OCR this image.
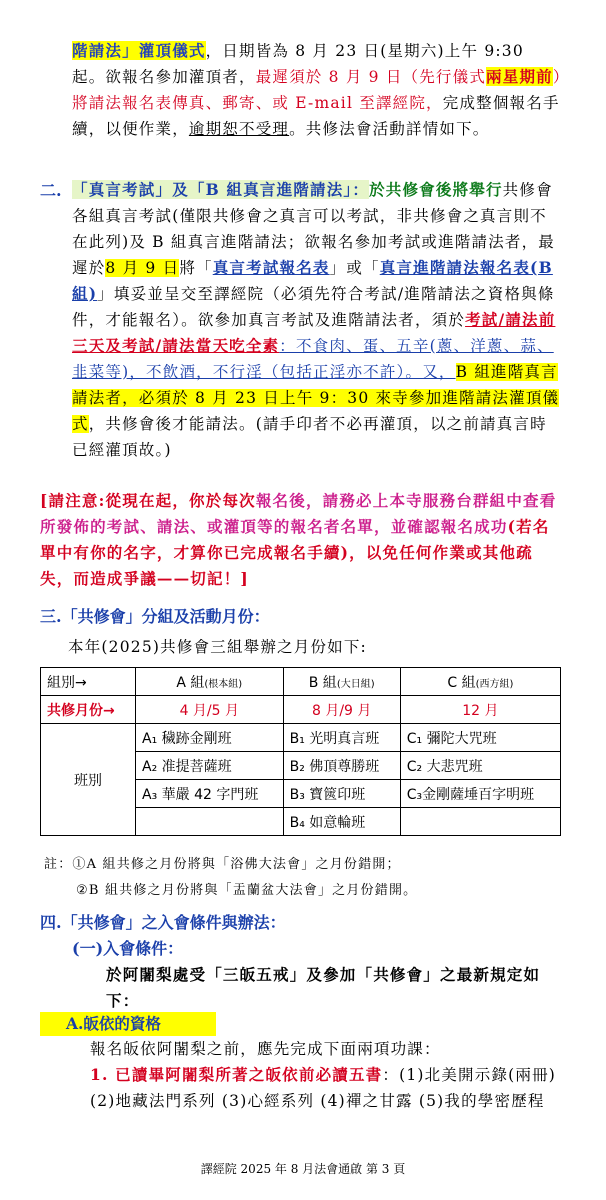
階請法」灌頂儀式，日期皆為 8 月 23 日(星期六)上午 9:30 起。欲報名參加灌頂者，最遲須於 8 月 9 日（先行儀式兩星期前）將請法報名表傳真、郵寄、或 E-mail 至譯經院，完成整個報名手續，以便作業，逾期恕不受理。共修法會活動詳情如下。
二. 「真言考試」及「B 組真言進階請法」：於共修會後將舉行共修會各組真言考試(僅限共修會之真言可以考試，非共修會之真言則不在此列)及 B 組真言進階請法；欲報名參加考試或進階請法者，最遲於8 月 9 日將「真言考試報名表」或「真言進階請法報名表(B 組)」填妥並呈交至譯經院（必須先符合考試/進階請法之資格與條件，才能報名）。欲參加真言考試及進階請法者，須於考試/請法前三天及考試/請法當天吃全素：不食肉、蛋、五辛(蔥、洋蔥、蒜、韭菜等)，不飲酒，不行淫（包括正淫亦不許）。又，B 組進階真言請法者，必須於 8 月 23 日上午 9：30 來寺參加進階請法灌頂儀式，共修會後才能請法。(請手印者不必再灌頂，以之前請真言時已經灌頂故。)
[請注意:從現在起，你於每次報名後，請務必上本寺服務台群組中查看所發佈的考試、請法、或灌頂等的報名者名單，並確認報名成功(若名單中有你的名字，才算你已完成報名手續)，以免任何作業或其他疏失，而造成爭議——切記！]
三.「共修會」分組及活動月份：
本年(2025)共修會三組舉辦之月份如下:
組別→	A 組(根本組)	B 組(大日組)	C 組(西方組)
共修月份→	4 月/5 月	8 月/9 月	12 月
班別	A₁ 穢跡金剛班	B₁ 光明真言班	C₁ 彌陀大咒班
	A₂ 准提菩薩班	B₂ 佛頂尊勝班	C₂ 大悲咒班
	A₃ 華嚴 42 字門班	B₃ 寶篋印班	C₃金剛薩埵百字明班
		B₄ 如意輪班	
註：①A 組共修之月份將與「浴佛大法會」之月份錯開；
②B 組共修之月份將與「盂蘭盆大法會」之月份錯開。
四.「共修會」之入會條件與辦法：
(一)入會條件：
於阿闍梨處受「三皈五戒」及參加「共修會」之最新規定如下：
A.皈依的資格
報名皈依阿闍梨之前，應先完成下面兩項功課：
1. 已讀畢阿闍梨所著之皈依前必讀五書：(1)北美開示錄(兩冊) (2)地藏法門系列 (3)心經系列 (4)禪之甘露 (5)我的學密歷程
譯經院 2025 年 8 月法會通啟 第 3 頁
